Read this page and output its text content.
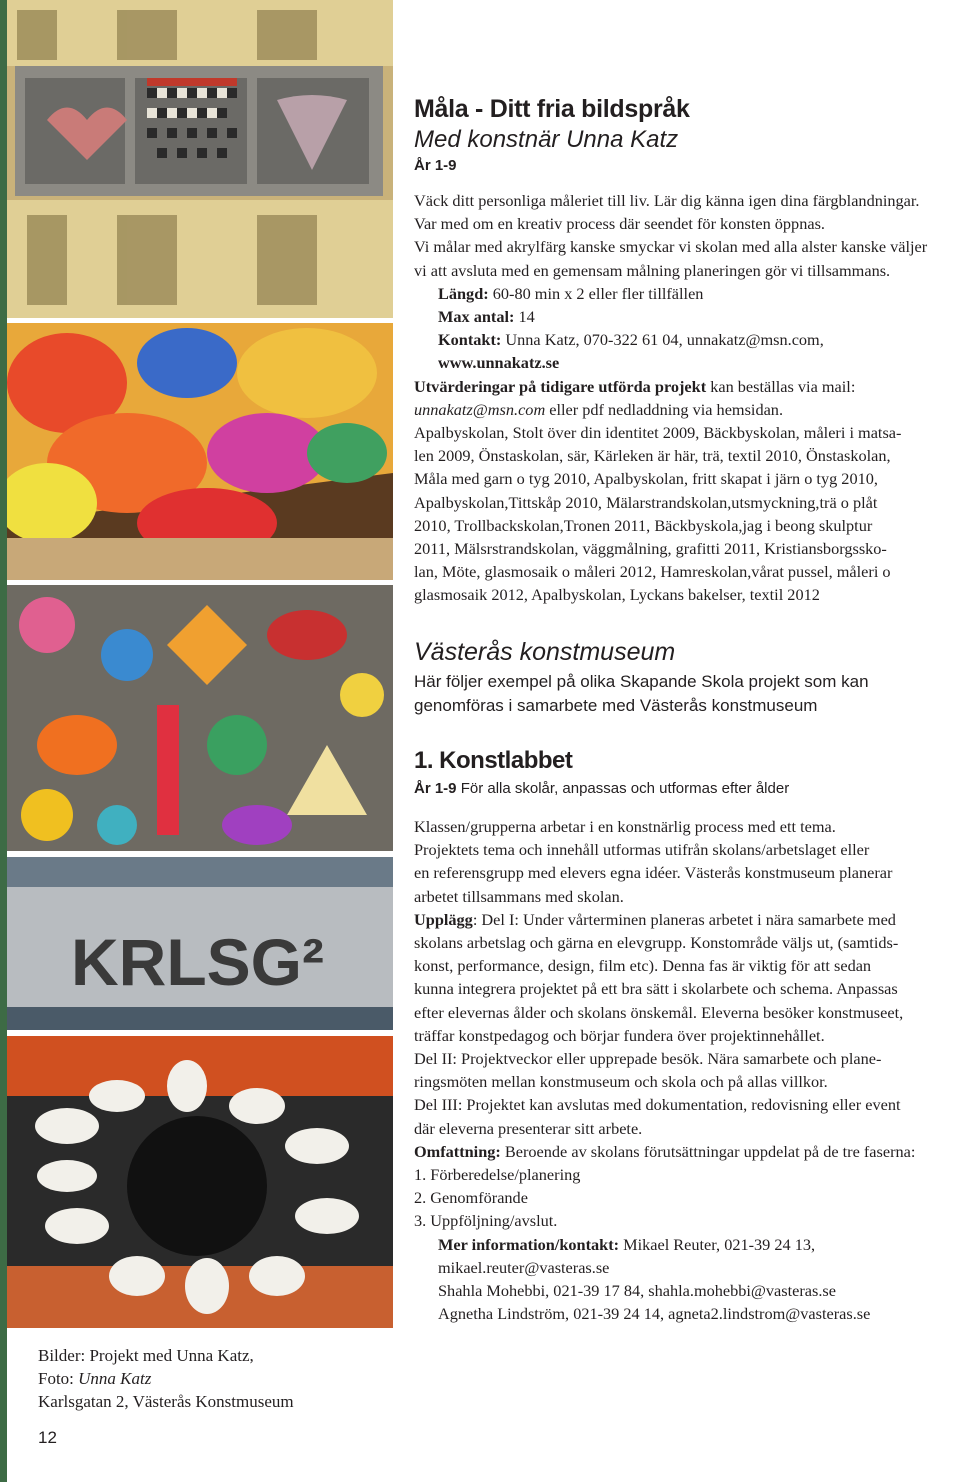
KRLSG²
Bilder: Projekt med Unna Katz,
Foto: Unna Katz
Karlsgatan 2, Västerås Konstmuseum
12
Måla - Ditt fria bildspråk
Med konstnär Unna Katz
År 1-9
Väck ditt personliga måleriet till liv. Lär dig känna igen dina färgblandningar.
Var med om en kreativ process där seendet för konsten öppnas.
Vi målar med akrylfärg kanske smyckar vi skolan med alla alster kanske väljer
vi att avsluta med en gemensam målning planeringen gör vi tillsammans.
Längd: 60-80 min x 2 eller fler tillfällen
Max antal: 14
Kontakt: Unna Katz, 070-322 61 04, unnakatz@msn.com,
www.unnakatz.se
Utvärderingar på tidigare utförda projekt kan beställas via mail:
unnakatz@msn.com eller pdf nedladdning via hemsidan.
Apalbyskolan, Stolt över din identitet 2009, Bäckbyskolan, måleri i matsa-
len 2009, Önstaskolan, sär, Kärleken är här, trä, textil 2010, Önstaskolan,
Måla med garn o tyg 2010, Apalbyskolan, fritt skapat i järn o tyg 2010,
Apalbyskolan,Tittskåp 2010, Mälarstrandskolan,utsmyckning,trä o plåt
2010, Trollbackskolan,Tronen 2011, Bäckbyskola,jag i beong skulptur
2011, Mälsrstrandskolan, väggmålning, grafitti 2011, Kristiansborgssko-
lan, Möte, glasmosaik o måleri 2012, Hamreskolan,vårat pussel, måleri o
glasmosaik 2012, Apalbyskolan, Lyckans bakelser, textil 2012
Västerås konstmuseum
Här följer exempel på olika Skapande Skola projekt som kan
genomföras i samarbete med Västerås konstmuseum
1. Konstlabbet
År 1-9 För alla skolår, anpassas och utformas efter ålder
Klassen/grupperna arbetar i en konstnärlig process med ett tema.
Projektets tema och innehåll utformas utifrån skolans/arbetslaget eller
en referensgrupp med elevers egna idéer. Västerås konstmuseum planerar
arbetet tillsammans med skolan.
Upplägg: Del I: Under vårterminen planeras arbetet i nära samarbete med
skolans arbetslag och gärna en elevgrupp. Konstområde väljs ut, (samtids-
konst, performance, design, film etc). Denna fas är viktig för att sedan
kunna integrera projektet på ett bra sätt i skolarbete och schema. Anpassas
efter elevernas ålder och skolans önskemål. Eleverna besöker konstmuseet,
träffar konstpedagog och börjar fundera över projektinnehållet.
Del II: Projektveckor eller upprepade besök. Nära samarbete och plane-
ringsmöten mellan konstmuseum och skola och på allas villkor.
Del III: Projektet kan avslutas med dokumentation, redovisning eller event
där eleverna presenterar sitt arbete.
Omfattning: Beroende av skolans förutsättningar uppdelat på de tre faserna:
1. Förberedelse/planering
2. Genomförande
3. Uppföljning/avslut.
Mer information/kontakt: Mikael Reuter, 021-39 24 13,
mikael.reuter@vasteras.se
Shahla Mohebbi, 021-39 17 84, shahla.mohebbi@vasteras.se
Agnetha Lindström, 021-39 24 14, agneta2.lindstrom@vasteras.se
